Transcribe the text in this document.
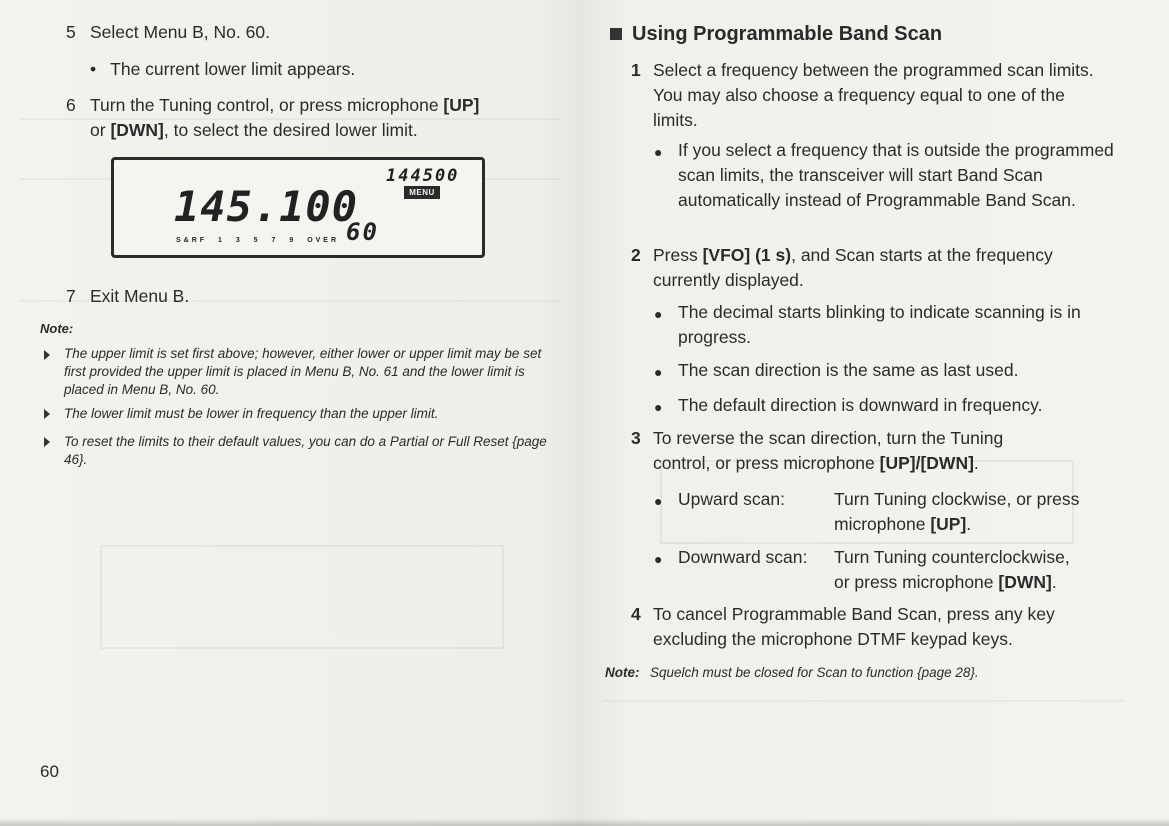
5 Select Menu B, No. 60.
• The current lower limit appears.
6 Turn the Tuning control, or press microphone [UP]
or [DWN], to select the desired lower limit.
144500
145.100	MENU
60
S&RF 1 3 5 7 9 OVER
7 Exit Menu B.
Note:
The upper limit is set first above; however, either lower or upper limit may be set first provided the upper limit is placed in Menu B, No. 61 and the lower limit is placed in Menu B, No. 60.
The lower limit must be lower in frequency than the upper limit.
To reset the limits to their default values, you can do a Partial or Full Reset {page 46}.
60
Using Programmable Band Scan
1 Select a frequency between the programmed scan limits. You may also choose a frequency equal to one of the limits.
● If you select a frequency that is outside the programmed scan limits, the transceiver will start Band Scan automatically instead of Programmable Band Scan.
2 Press [VFO] (1 s), and Scan starts at the frequency currently displayed.
● The decimal starts blinking to indicate scanning is in progress.
● The scan direction is the same as last used.
● The default direction is downward in frequency.
3 To reverse the scan direction, turn the Tuning
control, or press microphone [UP]/[DWN].
● Upward scan:	Turn Tuning clockwise, or press
microphone [UP].
● Downward scan: Turn Tuning counterclockwise,
or press microphone [DWN].
4 To cancel Programmable Band Scan, press any key excluding the microphone DTMF keypad keys.
Note: Squelch must be closed for Scan to function {page 28}.
